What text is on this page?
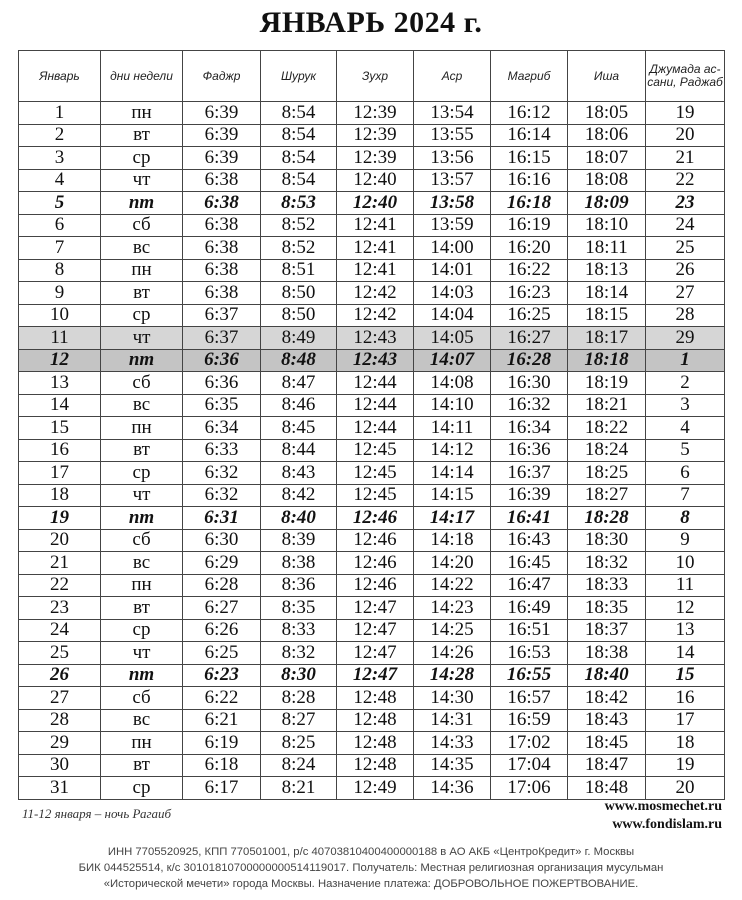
ЯНВАРЬ 2024 г.
Январь	дни недели	Фаджр	Шурук	Зухр	Аср	Магриб	Иша	Джумада ас-сани, Раджаб
1	пн	6:39	8:54	12:39	13:54	16:12	18:05	19
2	вт	6:39	8:54	12:39	13:55	16:14	18:06	20
3	ср	6:39	8:54	12:39	13:56	16:15	18:07	21
4	чт	6:38	8:54	12:40	13:57	16:16	18:08	22
5	пт	6:38	8:53	12:40	13:58	16:18	18:09	23
6	сб	6:38	8:52	12:41	13:59	16:19	18:10	24
7	вс	6:38	8:52	12:41	14:00	16:20	18:11	25
8	пн	6:38	8:51	12:41	14:01	16:22	18:13	26
9	вт	6:38	8:50	12:42	14:03	16:23	18:14	27
10	ср	6:37	8:50	12:42	14:04	16:25	18:15	28
11	чт	6:37	8:49	12:43	14:05	16:27	18:17	29
12	пт	6:36	8:48	12:43	14:07	16:28	18:18	1
13	сб	6:36	8:47	12:44	14:08	16:30	18:19	2
14	вс	6:35	8:46	12:44	14:10	16:32	18:21	3
15	пн	6:34	8:45	12:44	14:11	16:34	18:22	4
16	вт	6:33	8:44	12:45	14:12	16:36	18:24	5
17	ср	6:32	8:43	12:45	14:14	16:37	18:25	6
18	чт	6:32	8:42	12:45	14:15	16:39	18:27	7
19	пт	6:31	8:40	12:46	14:17	16:41	18:28	8
20	сб	6:30	8:39	12:46	14:18	16:43	18:30	9
21	вс	6:29	8:38	12:46	14:20	16:45	18:32	10
22	пн	6:28	8:36	12:46	14:22	16:47	18:33	11
23	вт	6:27	8:35	12:47	14:23	16:49	18:35	12
24	ср	6:26	8:33	12:47	14:25	16:51	18:37	13
25	чт	6:25	8:32	12:47	14:26	16:53	18:38	14
26	пт	6:23	8:30	12:47	14:28	16:55	18:40	15
27	сб	6:22	8:28	12:48	14:30	16:57	18:42	16
28	вс	6:21	8:27	12:48	14:31	16:59	18:43	17
29	пн	6:19	8:25	12:48	14:33	17:02	18:45	18
30	вт	6:18	8:24	12:48	14:35	17:04	18:47	19
31	ср	6:17	8:21	12:49	14:36	17:06	18:48	20
11-12 января – ночь Рагаиб	www.mosmechet.ru
www.fondislam.ru
ИНН 7705520925, КПП 770501001, р/с 40703810400400000188 в АО АКБ «ЦентроКредит» г. Москвы
БИК 044525514, к/с 30101810700000000514119017. Получатель: Местная религиозная организация мусульман
«Исторической мечети» города Москвы. Назначение платежа: ДОБРОВОЛЬНОЕ ПОЖЕРТВОВАНИЕ.
